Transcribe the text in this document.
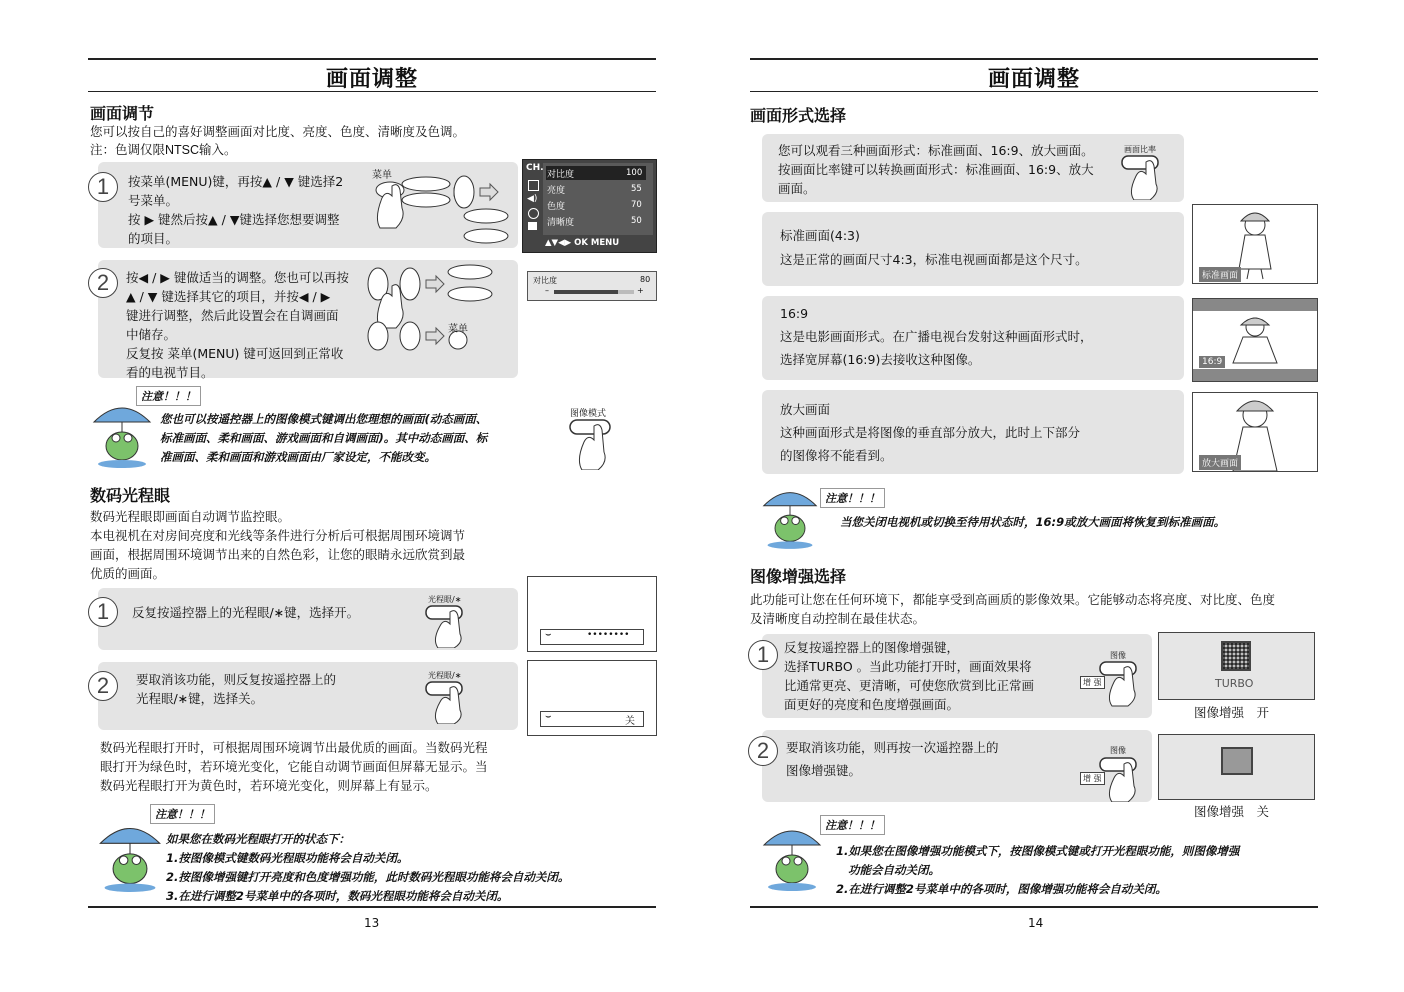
画面调整
画面调节
您可以按自己的喜好调整画面对比度、亮度、色度、清晰度及色调。
注：色调仅限NTSC输入。
1	按菜单(MENU)键，再按▲ / ▼ 键选择2
号菜单。
按 ▶ 键然后按▲ / ▼键选择您想要调整
的项目。
菜单
CH.
◀)
对比度	100
亮度	55
色度	70
清晰度	50
▲▼◀▶ OK MENU
2	按◀ / ▶ 键做适当的调整。您也可以再按
▲ / ▼ 键选择其它的项目，并按◀ / ▶
键进行调整，然后此设置会在自调画面
中储存。
反复按 菜单(MENU) 键可返回到正常收
看的电视节目。
菜单
对比度	80
–	+
注意！！！
您也可以按遥控器上的图像模式键调出您理想的画面(动态画面、
标准画面、柔和画面、游戏画面和自调画面)。其中动态画面、标
准画面、柔和画面和游戏画面由厂家设定，不能改变。
图像模式
数码光程眼
数码光程眼即画面自动调节监控眼。
本电视机在对房间亮度和光线等条件进行分析后可根据周围环境调节
画面，根据周围环境调节出来的自然色彩，让您的眼睛永远欣赏到最
优质的画面。
1	反复按遥控器上的光程眼/∗键，选择开。
光程眼/∗
⌣	••••••••
2	要取消该功能，则反复按遥控器上的
光程眼/∗键，选择关。
光程眼/∗
⌣	关
数码光程眼打开时，可根据周围环境调节出最优质的画面。当数码光程
眼打开为绿色时，若环境光变化，它能自动调节画面但屏幕无显示。当
数码光程眼打开为黄色时，若环境光变化，则屏幕上有显示。
注意！！！
如果您在数码光程眼打开的状态下：
1.按图像模式键数码光程眼功能将会自动关闭。
2.按图像增强键打开亮度和色度增强功能，此时数码光程眼功能将会自动关闭。
3.在进行调整2号菜单中的各项时，数码光程眼功能将会自动关闭。
13
画面调整
画面形式选择
您可以观看三种画面形式：标准画面、16:9、放大画面。
按画面比率键可以转换画面形式：标准画面、16:9、放大
画面。
画面比率
标准画面(4:3)
这是正常的画面尺寸4:3，标准电视画面都是这个尺寸。
标准画面
16:9
这是电影画面形式。在广播电视台发射这种画面形式时，
选择宽屏幕(16:9)去接收这种图像。	16:9
放大画面
这种画面形式是将图像的垂直部分放大，此时上下部分
的图像将不能看到。
放大画面
注意！！！
当您关闭电视机或切换至待用状态时，16:9或放大画面将恢复到标准画面。
图像增强选择
此功能可让您在任何环境下，都能享受到高画质的影像效果。它能够动态将亮度、对比度、色度
及清晰度自动控制在最佳状态。
1	反复按遥控器上的图像增强键，
选择TURBO 。当此功能打开时，画面效果将
比通常更亮、更清晰，可使您欣赏到比正常画
面更好的亮度和色度增强画面。
图像
增 强	TURBO
图像增强　开
2	要取消该功能，则再按一次遥控器上的
图像增强键。
图像
增 强
图像增强　关
注意！！！
1.如果您在图像增强功能模式下，按图像模式键或打开光程眼功能，则图像增强
功能会自动关闭。
2.在进行调整2号菜单中的各项时，图像增强功能将会自动关闭。
14
